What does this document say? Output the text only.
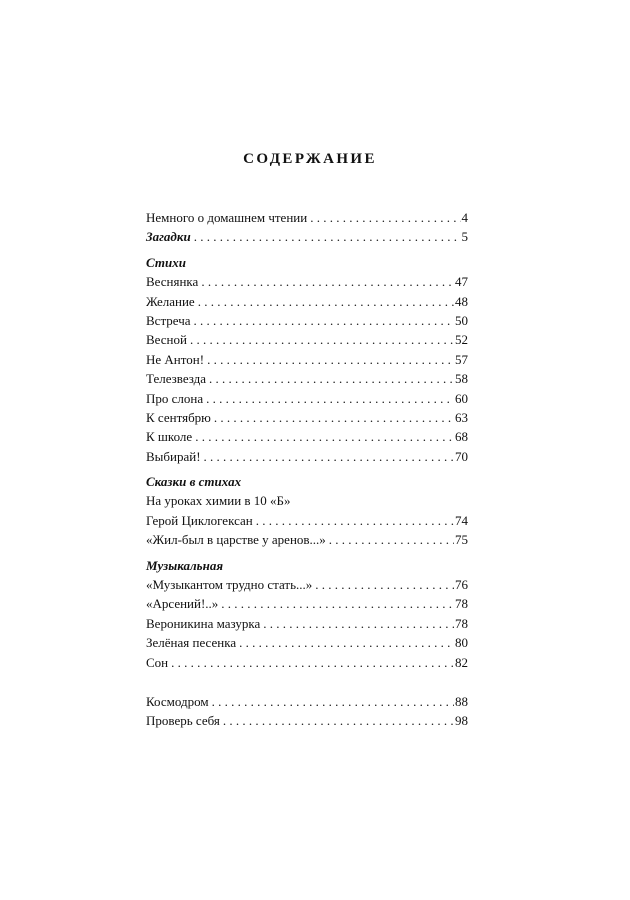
СОДЕРЖАНИЕ
Немного о домашнем чтении . . .	4
Загадки . . .	5
Стихи
Веснянка . . .	47
Желание . . .	48
Встреча . . .	50
Весной . . .	52
Не Антон! . . .	57
Телезвезда . . .	58
Про слона . . .	60
К сентябрю . . .	63
К школе . . .	68
Выбирай! . . .	70
Сказки в стихах
На уроках химии в 10 «Б»
Герой Циклогексан . . .	74
«Жил-был в царстве у аренов...» . . .	75
Музыкальная
«Музыкантом трудно стать...» . . .	76
«Арсений!..» . . .	78
Вероникина мазурка . . .	78
Зелёная песенка . . .	80
Сон . . .	82
Космодром . . .	88
Проверь себя . . .	98
